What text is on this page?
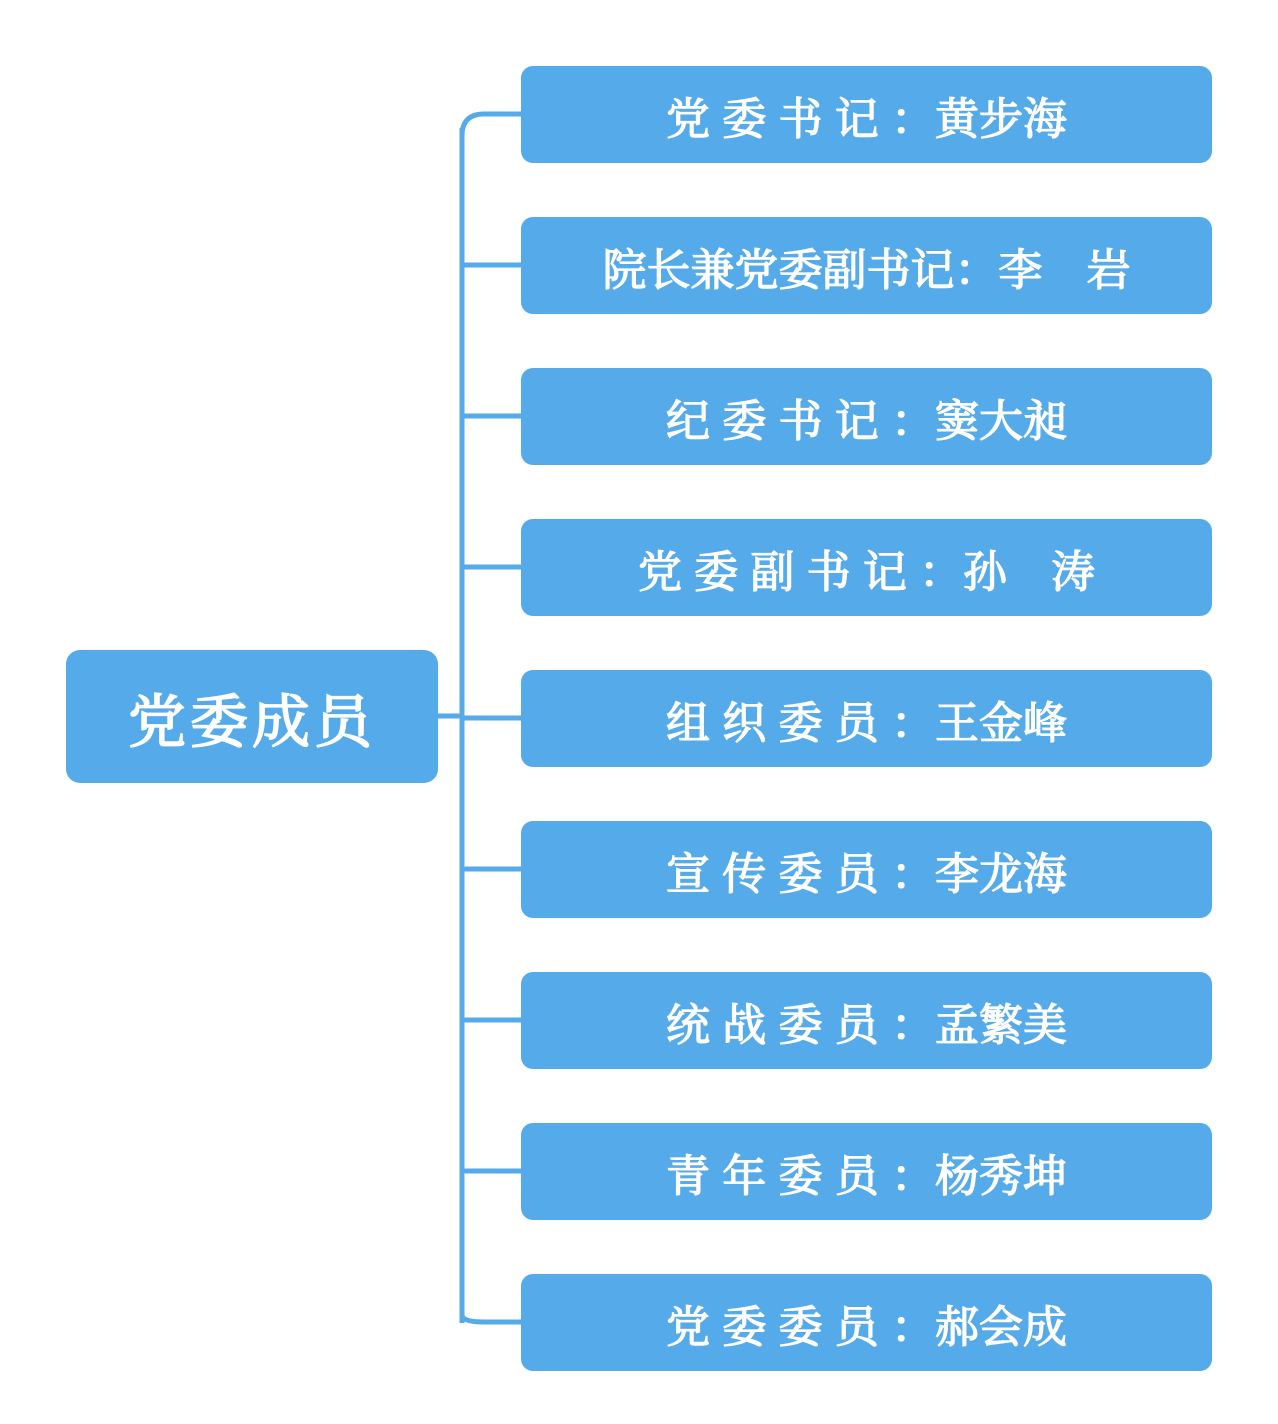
党委成员
党 委 书 记 ：黄步海
院长兼党委副书记：李　岩
纪 委 书 记 ：窦大昶
党 委 副 书 记 ：孙　涛
组 织 委 员 ：王金峰
宣 传 委 员 ：李龙海
统 战 委 员 ：孟繁美
青 年 委 员 ：杨秀坤
党 委 委 员 ：郝会成
